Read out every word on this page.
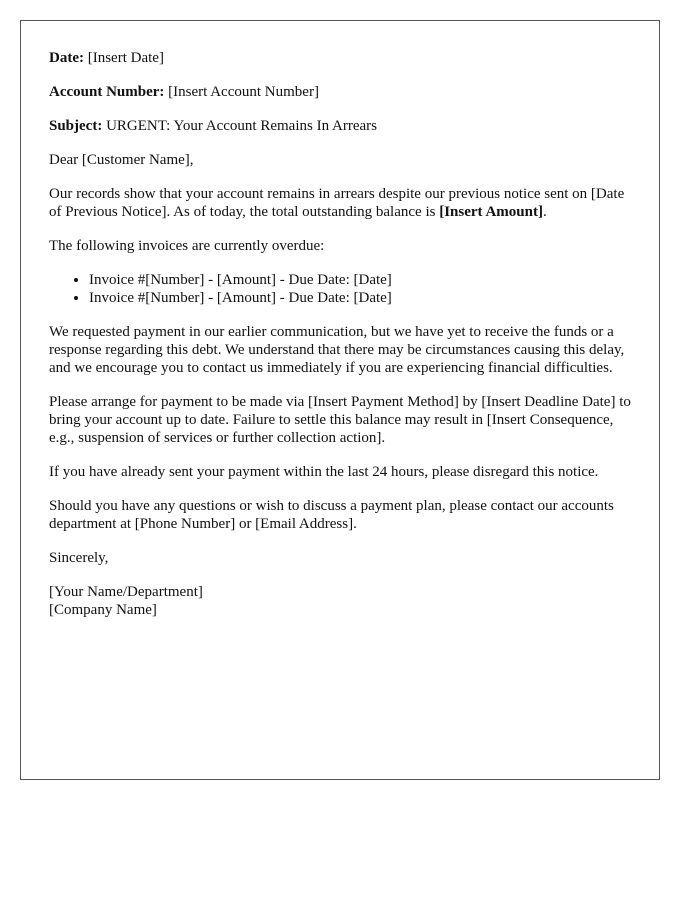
Date: [Insert Date]

Account Number: [Insert Account Number]

Subject: URGENT: Your Account Remains In Arrears

Dear [Customer Name],

Our records show that your account remains in arrears despite our previous notice sent on [Date of Previous Notice]. As of today, the total outstanding balance is [Insert Amount].

The following invoices are currently overdue:

• Invoice #[Number] - [Amount] - Due Date: [Date]
• Invoice #[Number] - [Amount] - Due Date: [Date]

We requested payment in our earlier communication, but we have yet to receive the funds or a response regarding this debt. We understand that there may be circumstances causing this delay, and we encourage you to contact us immediately if you are experiencing financial difficulties.

Please arrange for payment to be made via [Insert Payment Method] by [Insert Deadline Date] to bring your account up to date. Failure to settle this balance may result in [Insert Consequence, e.g., suspension of services or further collection action].

If you have already sent your payment within the last 24 hours, please disregard this notice.

Should you have any questions or wish to discuss a payment plan, please contact our accounts department at [Phone Number] or [Email Address].

Sincerely,

[Your Name/Department]
[Company Name]
